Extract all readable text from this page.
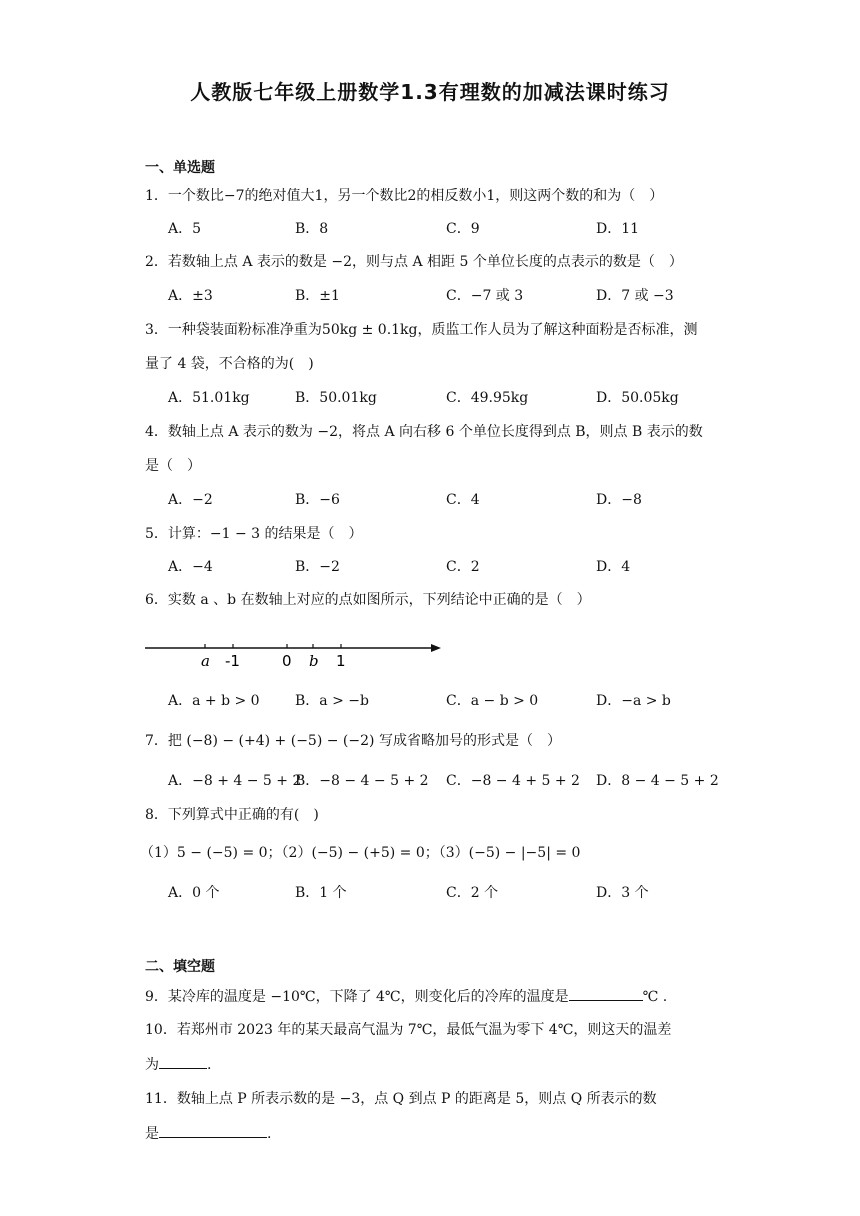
人教版七年级上册数学1.3有理数的加减法课时练习
一、单选题
1．一个数比−7的绝对值大1，另一个数比2的相反数小1，则这两个数的和为（　）
A．5	B．8	C．9	D．11
2．若数轴上点 A 表示的数是 −2，则与点 A 相距 5 个单位长度的点表示的数是（　）
A．±3	B．±1	C．−7 或 3	D．7 或 −3
3．一种袋装面粉标准净重为50kg ± 0.1kg，质监工作人员为了解这种面粉是否标准，测
量了 4 袋，不合格的为(　)
A．51.01kg	B．50.01kg	C．49.95kg	D．50.05kg
4．数轴上点 A 表示的数为 −2，将点 A 向右移 6 个单位长度得到点 B，则点 B 表示的数
是（　）
A．−2	B．−6	C．4	D．−8
5．计算：−1 − 3 的结果是（　）
A．−4	B．−2	C．2	D．4
6．实数 a 、b 在数轴上对应的点如图所示，下列结论中正确的是（　）
a -1	0 b 1
A．a + b > 0	B．a > −b	C．a − b > 0	D．−a > b
7．把 (−8) − (+4) + (−5) − (−2) 写成省略加号的形式是（　）
A．−8 + 4 − 5 + 2
B．−8 − 4 − 5 + 2 C．−8 − 4 + 5 + 2 D．8 − 4 − 5 + 2
8．下列算式中正确的有(　)
（1）5 − (−5) = 0；（2）(−5) − (+5) = 0；（3）(−5) − |−5| = 0
A．0 个	B．1 个	C．2 个	D．3 个
二、填空题
9．某冷库的温度是 −10℃，下降了 4℃，则变化后的冷库的温度是	℃ .
10．若郑州市 2023 年的某天最高气温为 7℃，最低气温为零下 4℃，则这天的温差
为	.
11．数轴上点 P 所表示数的是 −3，点 Q 到点 P 的距离是 5，则点 Q 所表示的数
是	.
